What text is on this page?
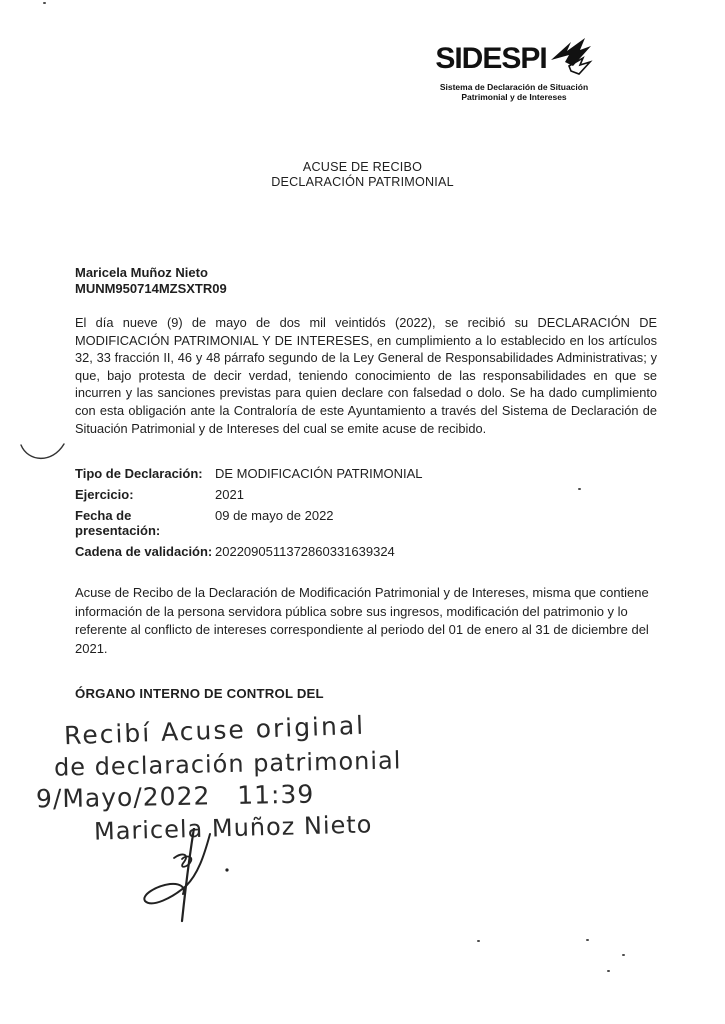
SIDESPI
Sistema de Declaración de Situación
Patrimonial y de Intereses
ACUSE DE RECIBO
DECLARACIÓN PATRIMONIAL
Maricela Muñoz Nieto
MUNM950714MZSXTR09
El día nueve (9) de mayo de dos mil veintidós (2022), se recibió su DECLARACIÓN DE MODIFICACIÓN PATRIMONIAL Y DE INTERESES, en cumplimiento a lo establecido en los artículos 32, 33 fracción II, 46 y 48 párrafo segundo de la Ley General de Responsabilidades Administrativas; y que, bajo protesta de decir verdad, teniendo conocimiento de las responsabilidades en que se incurren y las sanciones previstas para quien declare con falsedad o dolo. Se ha dado cumplimiento con esta obligación ante la Contraloría de este Ayuntamiento a través del Sistema de Declaración de Situación Patrimonial y de Intereses del cual se emite acuse de recibido.
Tipo de Declaración: DE MODIFICACIÓN PATRIMONIAL
Ejercicio:	2021
Fecha de presentación:
09 de mayo de 2022
Cadena de validación: 2022090511372860331639324
Acuse de Recibo de la Declaración de Modificación Patrimonial y de Intereses, misma que contiene información de la persona servidora pública sobre sus ingresos, modificación del patrimonio y lo referente al conflicto de intereses correspondiente al periodo del 01 de enero al 31 de diciembre del 2021.
ÓRGANO INTERNO DE CONTROL DEL
Recibí Acuse original
de declaración patrimonial
9/Mayo/2022   11:39
Maricela Muñoz Nieto
